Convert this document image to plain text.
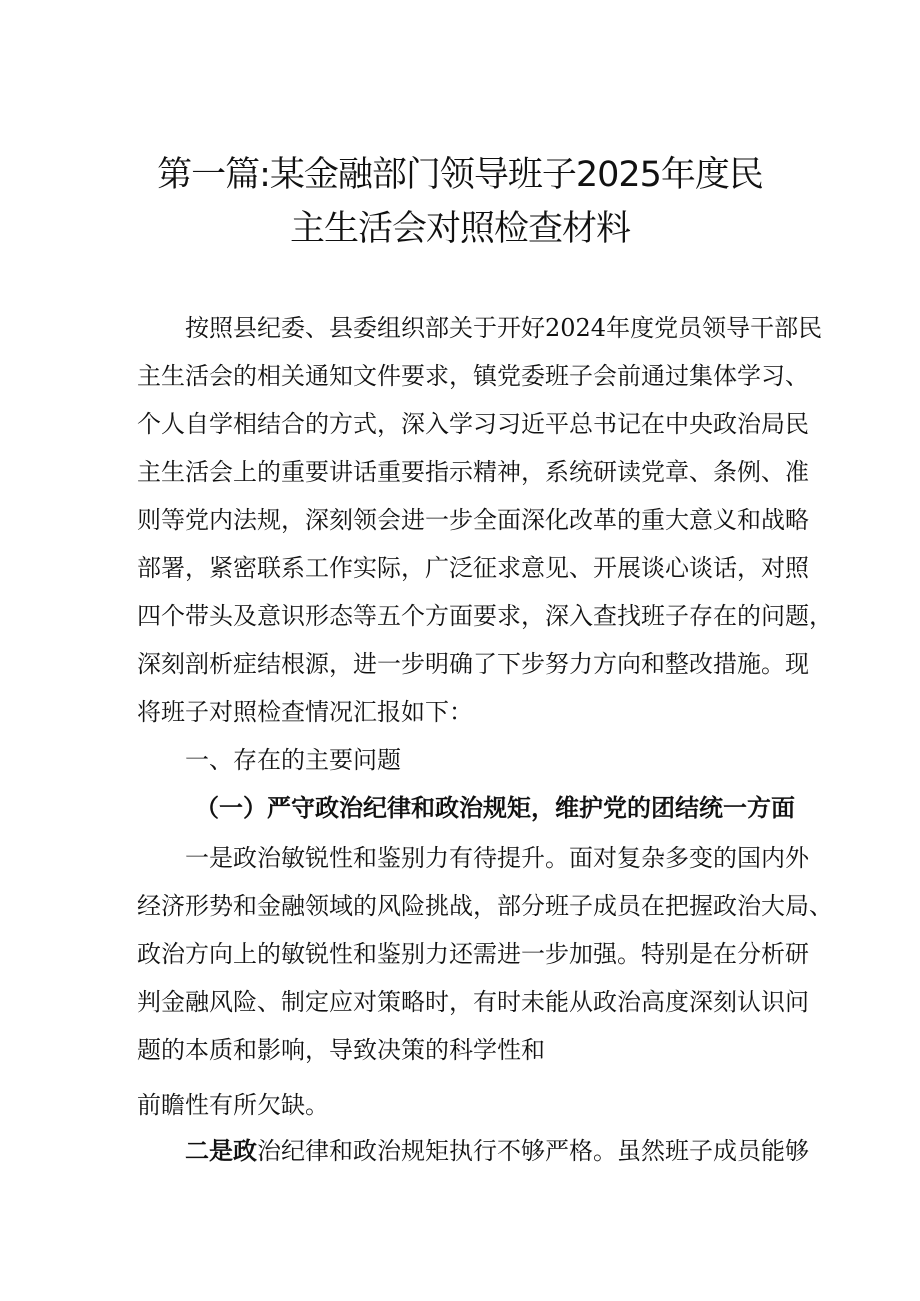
第一篇:某金融部门领导班子2025年度民
主生活会对照检查材料
按照县纪委、县委组织部关于开好2024年度党员领导干部民
主生活会的相关通知文件要求，镇党委班子会前通过集体学习、
个人自学相结合的方式，深入学习习近平总书记在中央政治局民
主生活会上的重要讲话重要指示精神，系统研读党章、条例、准
则等党内法规，深刻领会进一步全面深化改革的重大意义和战略
部署，紧密联系工作实际，广泛征求意见、开展谈心谈话，对照
四个带头及意识形态等五个方面要求，深入查找班子存在的问题，
深刻剖析症结根源，进一步明确了下步努力方向和整改措施。现
将班子对照检查情况汇报如下：
一、存在的主要问题
（一）严守政治纪律和政治规矩，维护党的团结统一方面
一是政治敏锐性和鉴别力有待提升。面对复杂多变的国内外
经济形势和金融领域的风险挑战，部分班子成员在把握政治大局、
政治方向上的敏锐性和鉴别力还需进一步加强。特别是在分析研
判金融风险、制定应对策略时，有时未能从政治高度深刻认识问
题的本质和影响，导致决策的科学性和
前瞻性有所欠缺。
二是政治纪律和政治规矩执行不够严格。虽然班子成员能够
